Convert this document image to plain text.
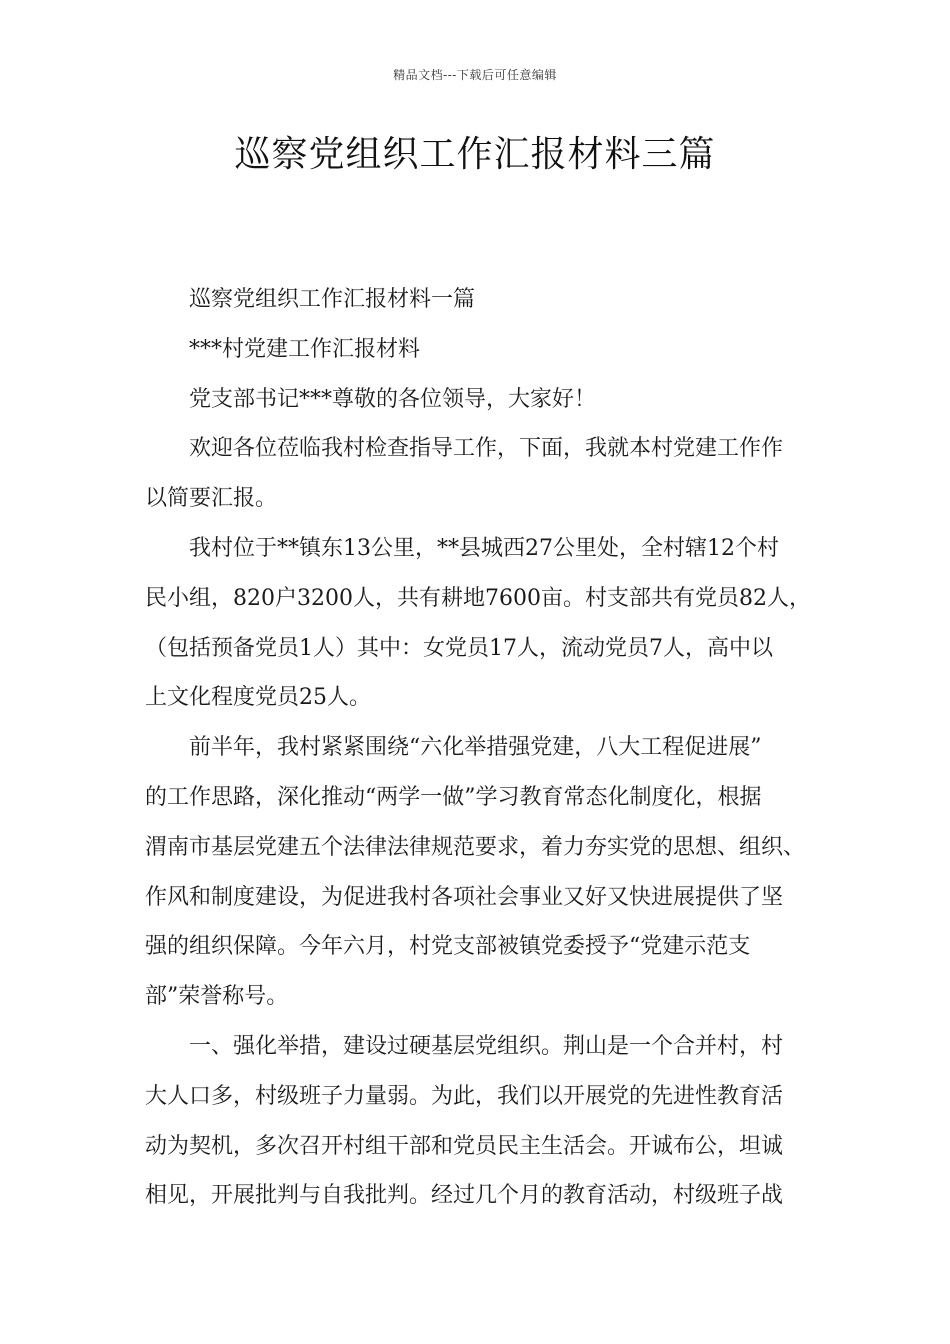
精品文档---下载后可任意编辑
巡察党组织工作汇报材料三篇
巡察党组织工作汇报材料一篇
***村党建工作汇报材料
党支部书记***尊敬的各位领导，大家好！
欢迎各位莅临我村检查指导工作，下面，我就本村党建工作作
以简要汇报。
我村位于**镇东13公里，**县城西27公里处，全村辖12个村
民小组，820户3200人，共有耕地7600亩。村支部共有党员82人，
（包括预备党员1人）其中：女党员17人，流动党员7人，高中以
上文化程度党员25人。
前半年，我村紧紧围绕“六化举措强党建，八大工程促进展”
的工作思路，深化推动“两学一做”学习教育常态化制度化，根据
渭南市基层党建五个法律法律规范要求，着力夯实党的思想、组织、
作风和制度建设，为促进我村各项社会事业又好又快进展提供了坚
强的组织保障。今年六月，村党支部被镇党委授予“党建示范支
部”荣誉称号。
一、强化举措，建设过硬基层党组织。荆山是一个合并村，村
大人口多，村级班子力量弱。为此，我们以开展党的先进性教育活
动为契机，多次召开村组干部和党员民主生活会。开诚布公，坦诚
相见，开展批判与自我批判。经过几个月的教育活动，村级班子战
